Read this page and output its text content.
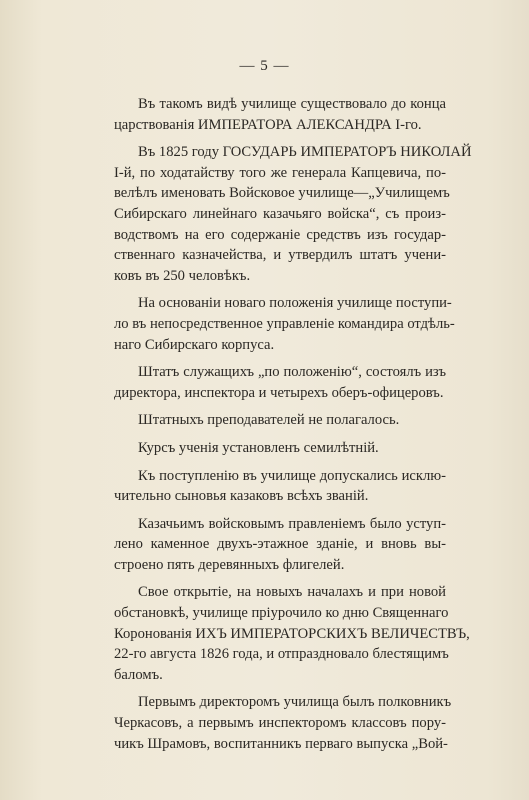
— 5 —
Въ такомъ видѣ училище существовало до конца
царствованія ИМПЕРАТОРА АЛЕКСАНДРА I-го.
Въ 1825 году ГОСУДАРЬ ИМПЕРАТОРЪ НИКОЛАЙ
I-й, по ходатайству того же генерала Капцевича, по-
велѣлъ именовать Войсковое училище—„Училищемъ
Сибирскаго линейнаго казачьяго войска“, съ произ-
водствомъ на его содержаніе средствъ изъ государ-
ственнаго казначейства, и утвердилъ штатъ учени-
ковъ въ 250 человѣкъ.
На основаніи новаго положенія училище поступи-
ло въ непосредственное управленіе командира отдѣль-
наго Сибирскаго корпуса.
Штатъ служащихъ „по положенію“, состоялъ изъ
директора, инспектора и четырехъ оберъ-офицеровъ.
Штатныхъ преподавателей не полагалось.
Курсъ ученія установленъ семилѣтній.
Къ поступленію въ училище допускались исклю-
чительно сыновья казаковъ всѣхъ званій.
Казачьимъ войсковымъ правленіемъ было уступ-
лено каменное двухъ-этажное зданіе, и вновь вы-
строено пять деревянныхъ флигелей.
Свое открытіе, на новыхъ началахъ и при новой
обстановкѣ, училище пріурочило ко дню Священнаго
Коронованія ИХЪ ИМПЕРАТОРСКИХЪ ВЕЛИЧЕСТВЪ,
22-го августа 1826 года, и отпраздновало блестящимъ
баломъ.
Первымъ директоромъ училища былъ полковникъ
Черкасовъ, а первымъ инспекторомъ классовъ пору-
чикъ Шрамовъ, воспитанникъ перваго выпуска „Вой-
